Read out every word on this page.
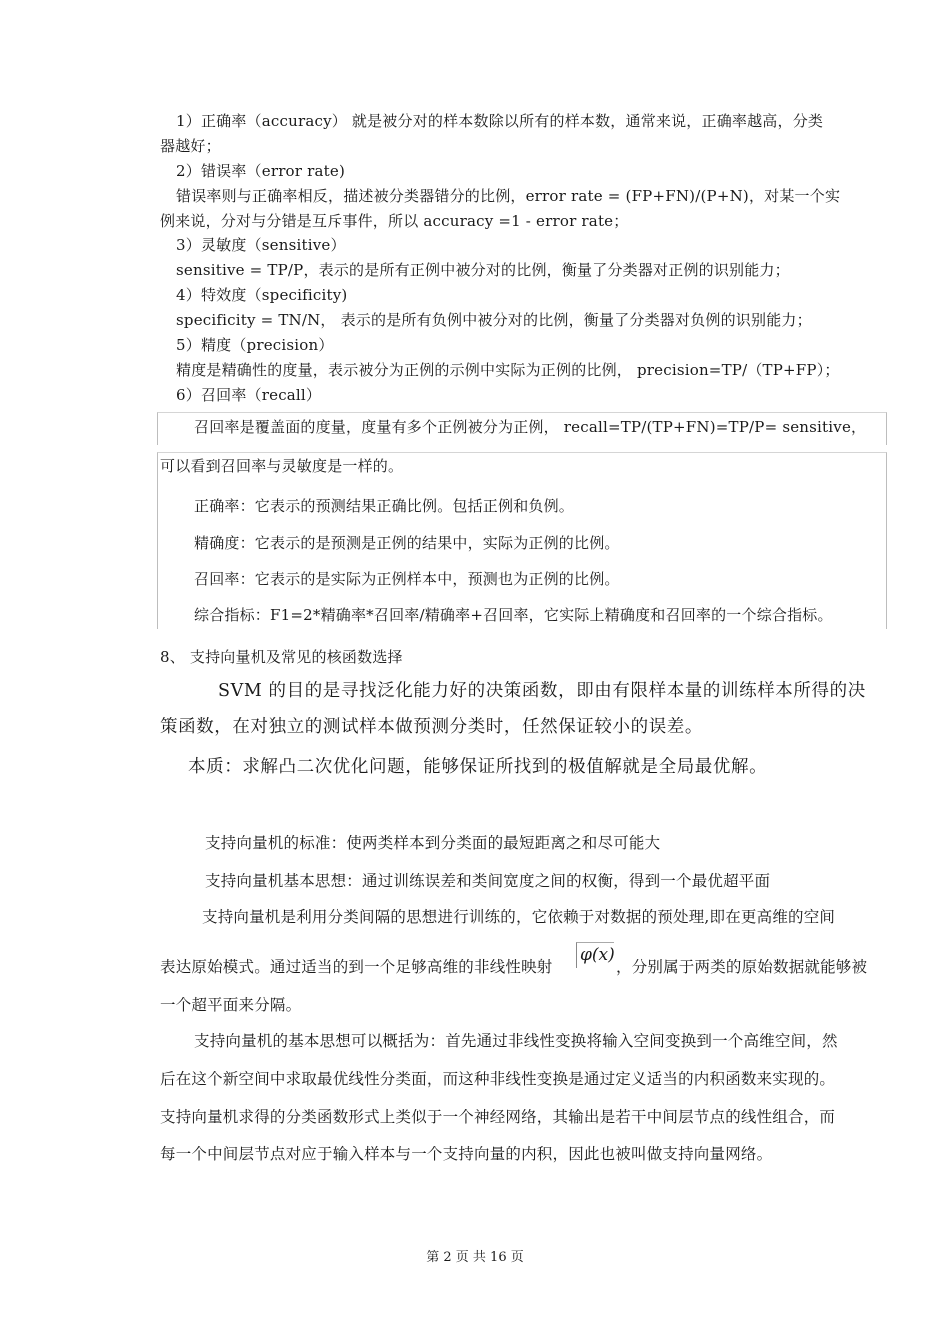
1）正确率（accuracy） 就是被分对的样本数除以所有的样本数，通常来说，正确率越高，分类
器越好；
2）错误率（error rate)
错误率则与正确率相反，描述被分类器错分的比例，error rate = (FP+FN)/(P+N)，对某一个实
例来说，分对与分错是互斥事件，所以 accuracy =1 - error rate；
3）灵敏度（sensitive）
sensitive = TP/P，表示的是所有正例中被分对的比例，衡量了分类器对正例的识别能力；
4）特效度（specificity)
specificity = TN/N， 表示的是所有负例中被分对的比例，衡量了分类器对负例的识别能力；
5）精度（precision）
精度是精确性的度量，表示被分为正例的示例中实际为正例的比例， precision=TP/（TP+FP）；
6）召回率（recall）
召回率是覆盖面的度量，度量有多个正例被分为正例， recall=TP/(TP+FN)=TP/P= sensitive，
可以看到召回率与灵敏度是一样的。
正确率：它表示的预测结果正确比例。包括正例和负例。
精确度：它表示的是预测是正例的结果中，实际为正例的比例。
召回率：它表示的是实际为正例样本中，预测也为正例的比例。
综合指标：F1=2*精确率*召回率/精确率+召回率，它实际上精确度和召回率的一个综合指标。
8、 支持向量机及常见的核函数选择
SVM 的目的是寻找泛化能力好的决策函数，即由有限样本量的训练样本所得的决
策函数，在对独立的测试样本做预测分类时，任然保证较小的误差。
本质：求解凸二次优化问题，能够保证所找到的极值解就是全局最优解。
支持向量机的标准：使两类样本到分类面的最短距离之和尽可能大
支持向量机基本思想：通过训练误差和类间宽度之间的权衡，得到一个最优超平面
支持向量机是利用分类间隔的思想进行训练的，它依赖于对数据的预处理,即在更高维的空间
表达原始模式。通过适当的到一个足够高维的非线性映射
φ(x)
，分别属于两类的原始数据就能够被
一个超平面来分隔。
支持向量机的基本思想可以概括为：首先通过非线性变换将输入空间变换到一个高维空间，然
后在这个新空间中求取最优线性分类面，而这种非线性变换是通过定义适当的内积函数来实现的。
支持向量机求得的分类函数形式上类似于一个神经网络，其输出是若干中间层节点的线性组合，而
每一个中间层节点对应于输入样本与一个支持向量的内积，因此也被叫做支持向量网络。
第 2 页 共 16 页
